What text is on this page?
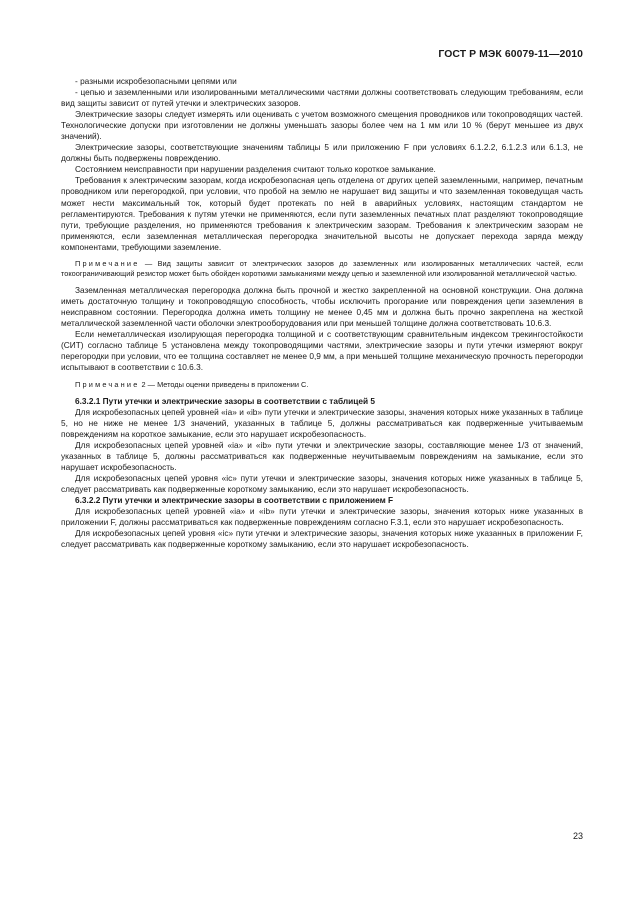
ГОСТ Р МЭК 60079-11—2010

- разными искробезопасными цепями или

- цепью и заземленными или изолированными металлическими частями должны соответствовать следующим требованиям, если вид защиты зависит от путей утечки и электрических зазоров.

Электрические зазоры следует измерять или оценивать с учетом возможного смещения проводников или токопроводящих частей. Технологические допуски при изготовлении не должны уменьшать зазоры более чем на 1 мм или 10 % (берут меньшее из двух значений).

Электрические зазоры, соответствующие значениям таблицы 5 или приложению F при условиях 6.1.2.2, 6.1.2.3 или 6.1.3, не должны быть подвержены повреждению.

Состоянием неисправности при нарушении разделения считают только короткое замыкание.

Требования к электрическим зазорам, когда искробезопасная цепь отделена от других цепей заземленными, например, печатным проводником или перегородкой, при условии, что пробой на землю не нарушает вид защиты и что заземленная токоведущая часть может нести максимальный ток, который будет протекать по ней в аварийных условиях, настоящим стандартом не регламентируются. Требования к путям утечки не применяются, если пути заземленных печатных плат разделяют токопроводящие пути, требующие разделения, но применяются требования к электрическим зазорам. Требования к электрическим зазорам не применяются, если заземленная металлическая перегородка значительной высоты не допускает перехода заряда между компонентами, требующими заземление.

Примечание — Вид защиты зависит от электрических зазоров до заземленных или изолированных металлических частей, если токоограничивающий резистор может быть обойден короткими замыканиями между цепью и заземленной или изолированной металлической частью.

Заземленная металлическая перегородка должна быть прочной и жестко закрепленной на основной конструкции. Она должна иметь достаточную толщину и токопроводящую способность, чтобы исключить прогорание или повреждения цепи заземления в неисправном состоянии. Перегородка должна иметь толщину не менее 0,45 мм и должна быть прочно закреплена на жесткой металлической заземленной части оболочки электрооборудования или при меньшей толщине должна соответствовать 10.6.3.

Если неметаллическая изолирующая перегородка толщиной и с соответствующим сравнительным индексом трекингостойкости (СИТ) согласно таблице 5 установлена между токопроводящими частями, электрические зазоры и пути утечки измеряют вокруг перегородки при условии, что ее толщина составляет не менее 0,9 мм, а при меньшей толщине механическую прочность перегородки испытывают в соответствии с 10.6.3.

Примечание 2 — Методы оценки приведены в приложении С.

6.3.2.1 Пути утечки и электрические зазоры в соответствии с таблицей 5

Для искробезопасных цепей уровней «ia» и «ib» пути утечки и электрические зазоры, значения которых ниже указанных в таблице 5, но не ниже не менее 1/3 значений, указанных в таблице 5, должны рассматриваться как подверженные учитываемым повреждениям на короткое замыкание, если это нарушает искробезопасность.

Для искробезопасных цепей уровней «ia» и «ib» пути утечки и электрические зазоры, составляющие менее 1/3 от значений, указанных в таблице 5, должны рассматриваться как подверженные неучитываемым повреждениям на замыкание, если это нарушает искробезопасность.

Для искробезопасных цепей уровня «ic» пути утечки и электрические зазоры, значения которых ниже указанных в таблице 5, следует рассматривать как подверженные короткому замыканию, если это нарушает искробезопасность.

6.3.2.2 Пути утечки и электрические зазоры в соответствии с приложением F

Для искробезопасных цепей уровней «ia» и «ib» пути утечки и электрические зазоры, значения которых ниже указанных в приложении F, должны рассматриваться как подверженные повреждениям согласно F.3.1, если это нарушает искробезопасность.

Для искробезопасных цепей уровня «ic» пути утечки и электрические зазоры, значения которых ниже указанных в приложении F, следует рассматривать как подверженные короткому замыканию, если это нарушает искробезопасность.

23
